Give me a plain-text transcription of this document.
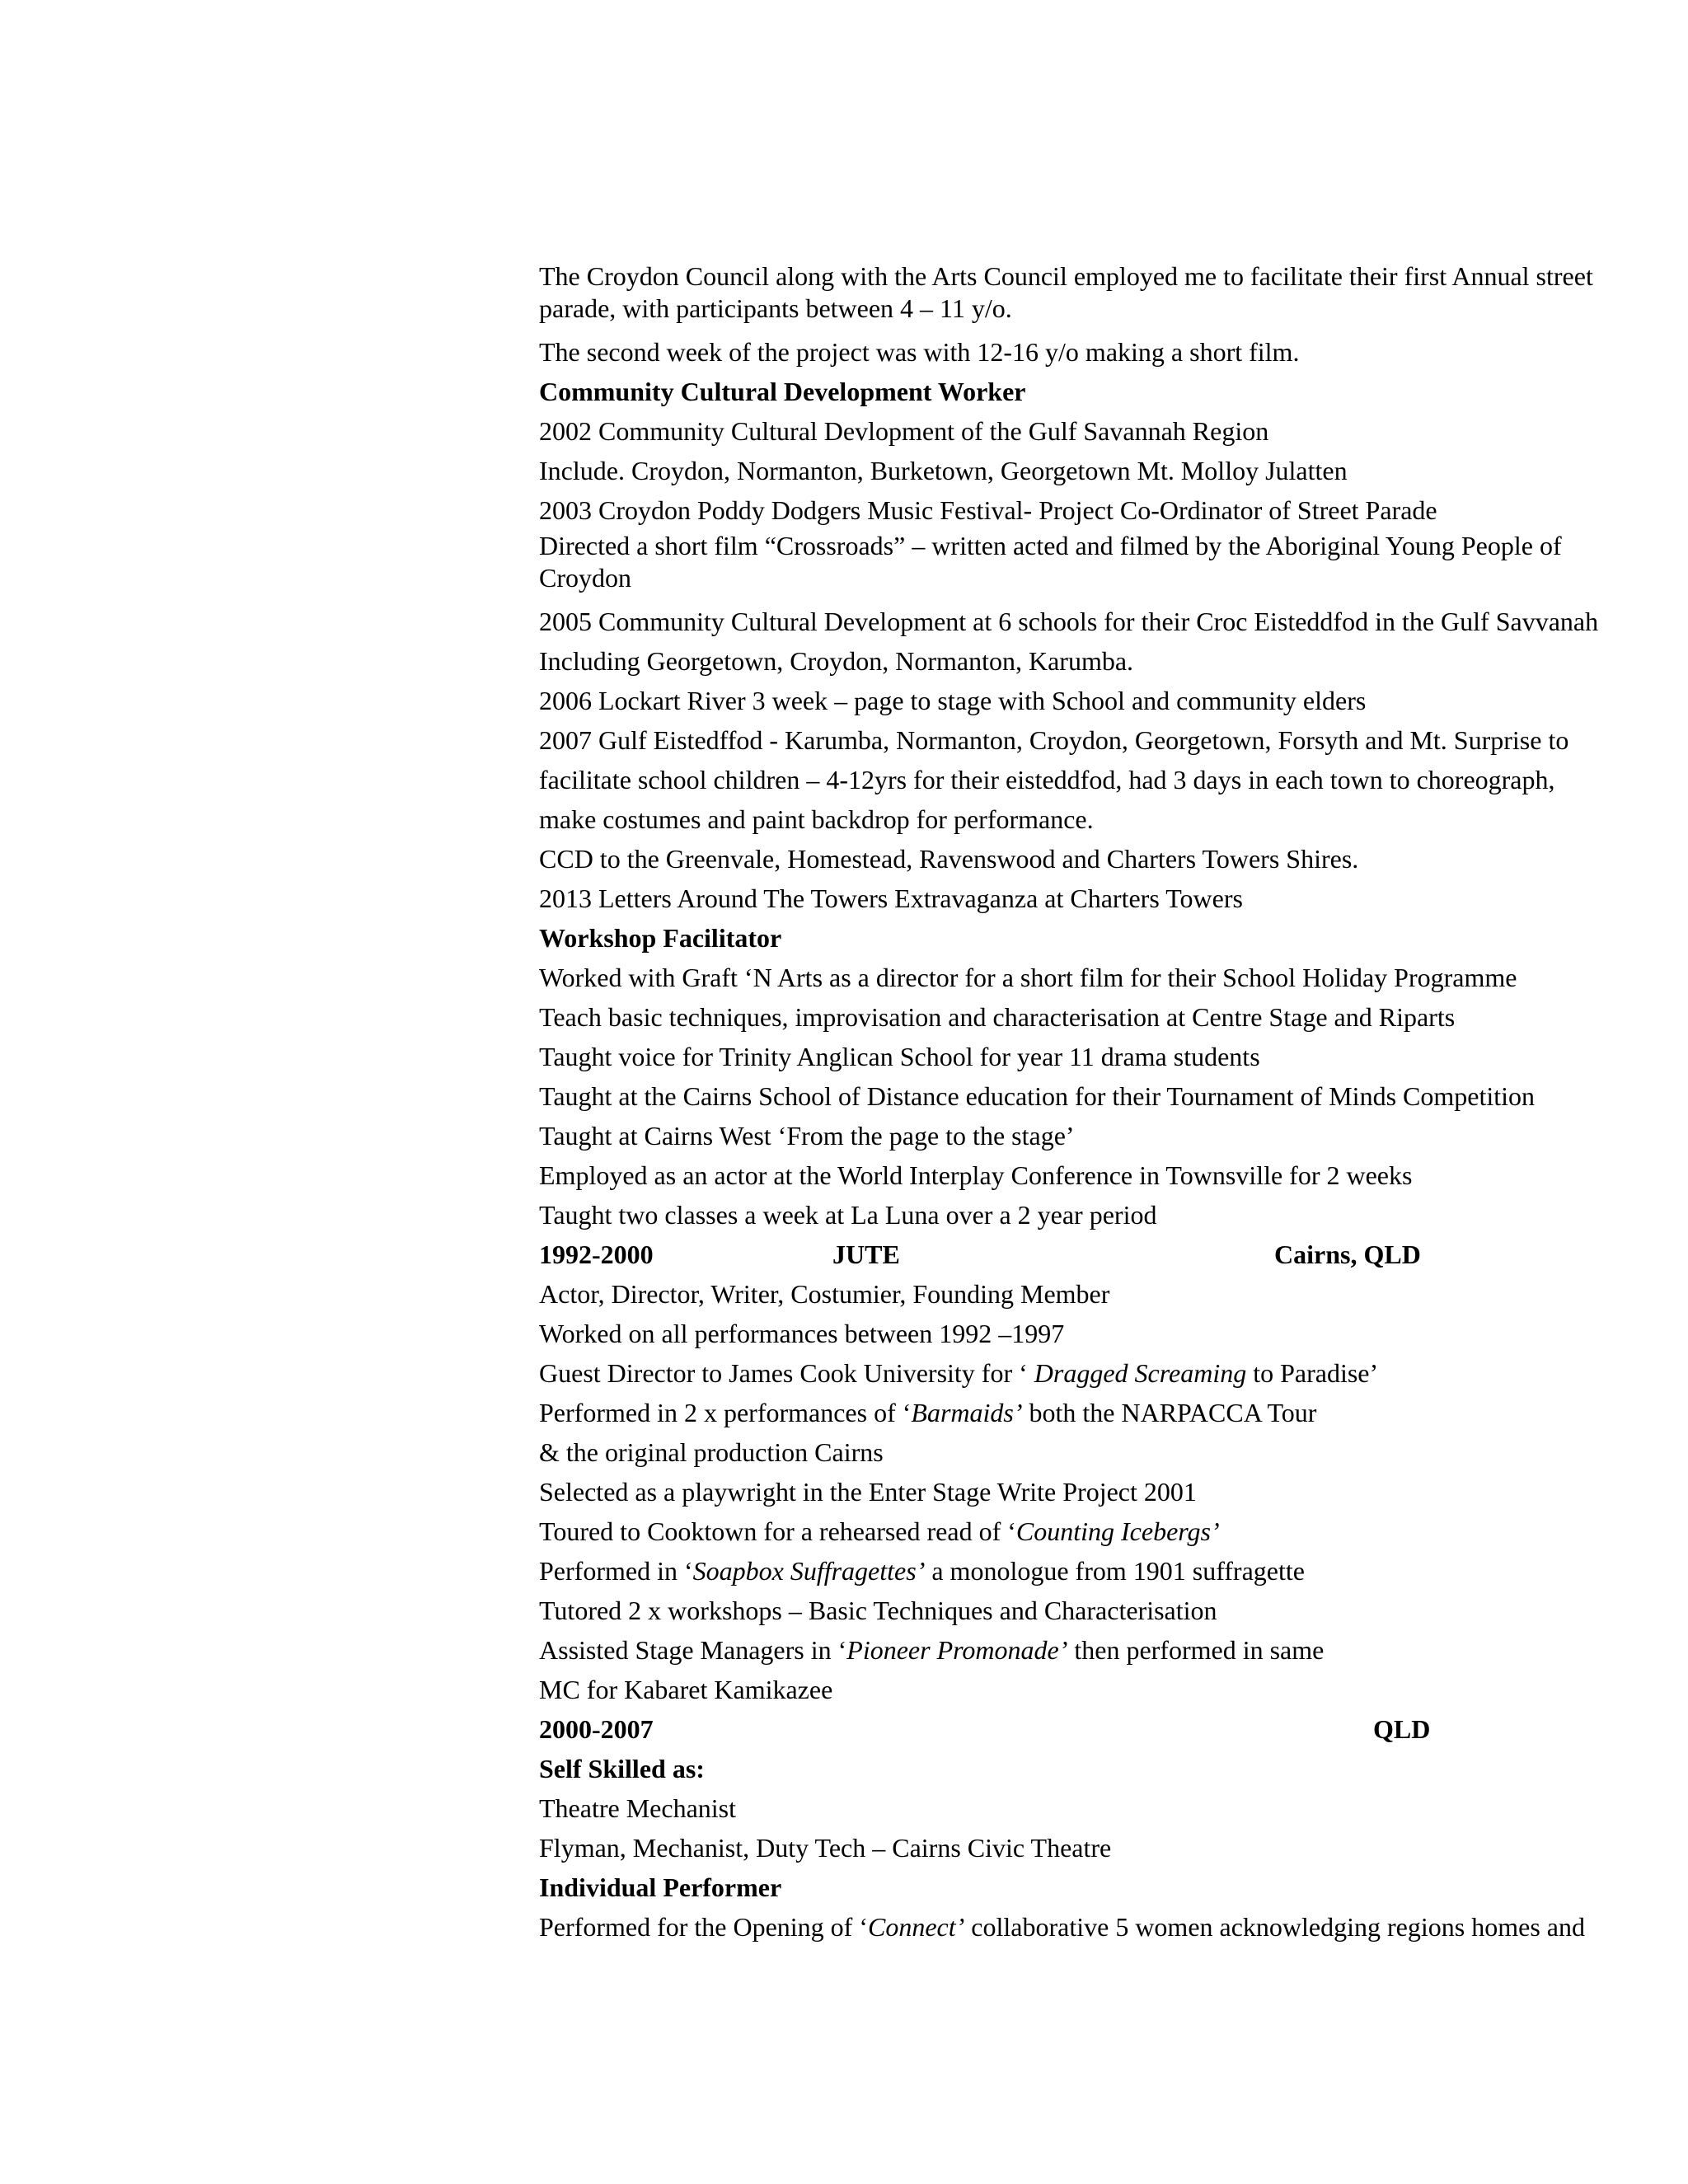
The Croydon Council along with the Arts Council employed me to facilitate their first Annual street parade, with participants between 4 – 11 y/o.

The second week of the project was with 12-16 y/o making a short film.

Community Cultural Development Worker

2002 Community Cultural Devlopment of the Gulf Savannah Region

Include. Croydon, Normanton, Burketown, Georgetown Mt. Molloy Julatten

2003 Croydon Poddy Dodgers Music Festival- Project Co-Ordinator of Street Parade

Directed a short film “Crossroads” – written acted and filmed by the Aboriginal Young People of Croydon

2005 Community Cultural Development at 6 schools for their Croc Eisteddfod in the Gulf Savvanah

Including Georgetown, Croydon, Normanton, Karumba.

2006 Lockart River 3 week – page to stage with School and community elders

2007 Gulf Eistedffod - Karumba, Normanton, Croydon, Georgetown, Forsyth and Mt. Surprise to

facilitate school children – 4-12yrs for their eisteddfod, had 3 days in each town to choreograph,

make costumes and paint backdrop for performance.

CCD to the Greenvale, Homestead, Ravenswood and Charters Towers Shires.

2013 Letters Around The Towers Extravaganza at Charters Towers

Workshop Facilitator

Worked with Graft ‘N Arts as a director for a short film for their School Holiday Programme

Teach basic techniques, improvisation and characterisation at Centre Stage and Riparts

Taught voice for Trinity Anglican School for year 11 drama students

Taught at the Cairns School of Distance education for their Tournament of Minds Competition

Taught at Cairns West ‘From the page to the stage’

Employed as an actor at the World Interplay Conference in Townsville for 2 weeks

Taught two classes a week at La Luna over a 2 year period

1992-2000	JUTE	Cairns, QLD

Actor, Director, Writer, Costumier, Founding Member

Worked on all performances between 1992 –1997

Guest Director to James Cook University for ‘ Dragged Screaming to Paradise’

Performed in 2 x performances of ‘Barmaids’ both the NARPACCA Tour

& the original production Cairns

Selected as a playwright in the Enter Stage Write Project 2001

Toured to Cooktown for a rehearsed read of ‘Counting Icebergs’

Performed in ‘Soapbox Suffragettes’ a monologue from 1901 suffragette

Tutored 2 x workshops – Basic Techniques and Characterisation

Assisted Stage Managers in ‘Pioneer Promonade’ then performed in same

MC for Kabaret Kamikazee

2000-2007	QLD

Self Skilled as:

Theatre Mechanist

Flyman, Mechanist, Duty Tech – Cairns Civic Theatre

Individual Performer

Performed for the Opening of ‘Connect’ collaborative 5 women acknowledging regions homes and
